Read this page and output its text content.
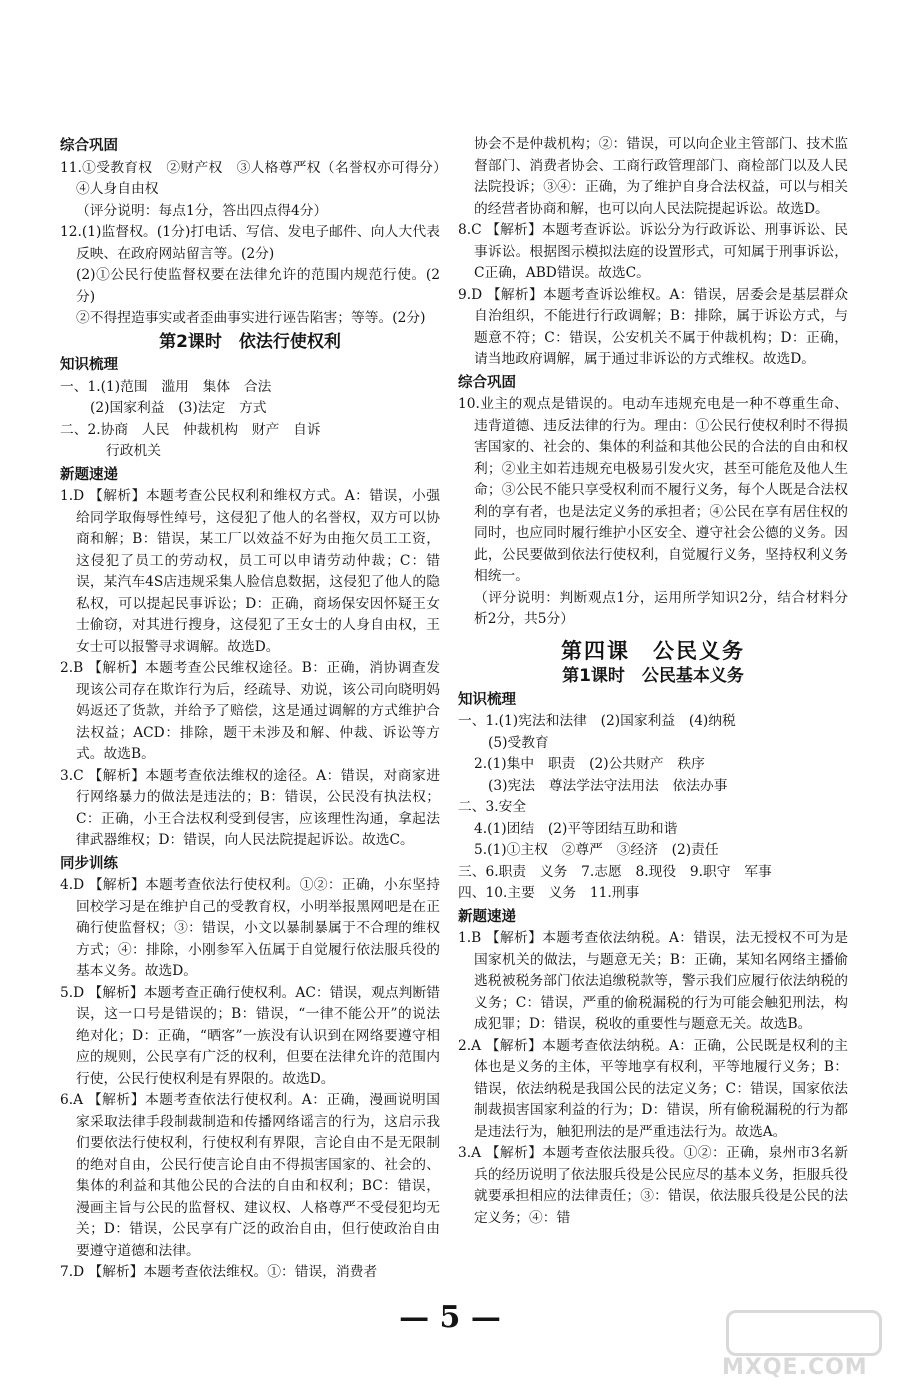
综合巩固

11.①受教育权　②财产权　③人格尊严权（名誉权亦可得分）　④人身自由权

（评分说明：每点1分，答出四点得4分）

12.(1)监督权。(1分)打电话、写信、发电子邮件、向人大代表反映、在政府网站留言等。(2分)

(2)①公民行使监督权要在法律允许的范围内规范行使。(2分)

②不得捏造事实或者歪曲事实进行诬告陷害；等等。(2分)

第2课时　依法行使权利

知识梳理

一、1.(1)范围　滥用　集体　合法

(2)国家利益　(3)法定　方式

二、2.协商　人民　仲裁机构　财产　自诉

行政机关

新题速递

1.D 【解析】本题考查公民权利和维权方式。A：错误，小强给同学取侮辱性绰号，这侵犯了他人的名誉权，双方可以协商和解；B：错误，某工厂以效益不好为由拖欠员工工资，这侵犯了员工的劳动权，员工可以申请劳动仲裁；C：错误，某汽车4S店违规采集人脸信息数据，这侵犯了他人的隐私权，可以提起民事诉讼；D：正确，商场保安因怀疑王女士偷窃，对其进行搜身，这侵犯了王女士的人身自由权，王女士可以报警寻求调解。故选D。

2.B 【解析】本题考查公民维权途径。B：正确，消协调查发现该公司存在欺诈行为后，经疏导、劝说，该公司向晓明妈妈返还了货款，并给予了赔偿，这是通过调解的方式维护合法权益；ACD：排除，题干未涉及和解、仲裁、诉讼等方式。故选B。

3.C 【解析】本题考查依法维权的途径。A：错误，对商家进行网络暴力的做法是违法的；B：错误，公民没有执法权；C：正确，小王合法权利受到侵害，应该理性沟通，拿起法律武器维权；D：错误，向人民法院提起诉讼。故选C。

同步训练

4.D 【解析】本题考查依法行使权利。①②：正确，小东坚持回校学习是在维护自己的受教育权，小明举报黑网吧是在正确行使监督权；③：错误，小文以暴制暴属于不合理的维权方式；④：排除，小刚参军入伍属于自觉履行依法服兵役的基本义务。故选D。

5.D 【解析】本题考查正确行使权利。AC：错误，观点判断错误，这一口号是错误的；B：错误，“一律不能公开”的说法绝对化；D：正确，“晒客”一族没有认识到在网络要遵守相应的规则，公民享有广泛的权利，但要在法律允许的范围内行使，公民行使权利是有界限的。故选D。

6.A 【解析】本题考查依法行使权利。A：正确，漫画说明国家采取法律手段制裁制造和传播网络谣言的行为，这启示我们要依法行使权利，行使权利有界限，言论自由不是无限制的绝对自由，公民行使言论自由不得损害国家的、社会的、集体的利益和其他公民的合法的自由和权利；BC：错误，漫画主旨与公民的监督权、建议权、人格尊严不受侵犯均无关；D：错误，公民享有广泛的政治自由，但行使政治自由要遵守道德和法律。

7.D 【解析】本题考查依法维权。①：错误，消费者

协会不是仲裁机构；②：错误，可以向企业主管部门、技术监督部门、消费者协会、工商行政管理部门、商检部门以及人民法院投诉；③④：正确，为了维护自身合法权益，可以与相关的经营者协商和解，也可以向人民法院提起诉讼。故选D。

8.C 【解析】本题考查诉讼。诉讼分为行政诉讼、刑事诉讼、民事诉讼。根据图示模拟法庭的设置形式，可知属于刑事诉讼，C正确，ABD错误。故选C。

9.D 【解析】本题考查诉讼维权。A：错误，居委会是基层群众自治组织，不能进行行政调解；B：排除，属于诉讼方式，与题意不符；C：错误，公安机关不属于仲裁机构；D：正确，请当地政府调解，属于通过非诉讼的方式维权。故选D。

综合巩固

10.业主的观点是错误的。电动车违规充电是一种不尊重生命、违背道德、违反法律的行为。理由：①公民行使权利时不得损害国家的、社会的、集体的利益和其他公民的合法的自由和权利；②业主如若违规充电极易引发火灾，甚至可能危及他人生命；③公民不能只享受权利而不履行义务，每个人既是合法权利的享有者，也是法定义务的承担者；④公民在享有居住权的同时，也应同时履行维护小区安全、遵守社会公德的义务。因此，公民要做到依法行使权利，自觉履行义务，坚持权利义务相统一。

（评分说明：判断观点1分，运用所学知识2分，结合材料分析2分，共5分）

第四课　公民义务

第1课时　公民基本义务

知识梳理

一、1.(1)宪法和法律　(2)国家利益　(4)纳税

(5)受教育

2.(1)集中　职责　(2)公共财产　秩序

(3)宪法　尊法学法守法用法　依法办事

二、3.安全

4.(1)团结　(2)平等团结互助和谐

5.(1)①主权　②尊严　③经济　(2)责任

三、6.职责　义务　7.志愿　8.现役　9.职守　军事

四、10.主要　义务　11.刑事

新题速递

1.B 【解析】本题考查依法纳税。A：错误，法无授权不可为是国家机关的做法，与题意无关；B：正确，某知名网络主播偷逃税被税务部门依法追缴税款等，警示我们应履行依法纳税的义务；C：错误，严重的偷税漏税的行为可能会触犯刑法，构成犯罪；D：错误，税收的重要性与题意无关。故选B。

2.A 【解析】本题考查依法纳税。A：正确，公民既是权利的主体也是义务的主体，平等地享有权利，平等地履行义务；B：错误，依法纳税是我国公民的法定义务；C：错误，国家依法制裁损害国家利益的行为；D：错误，所有偷税漏税的行为都是违法行为，触犯刑法的是严重违法行为。故选A。

3.A 【解析】本题考查依法服兵役。①②：正确，泉州市3名新兵的经历说明了依法服兵役是公民应尽的基本义务，拒服兵役就要承担相应的法律责任；③：错误，依法服兵役是公民的法定义务；④：错

— 5 —
MXQE.COM
